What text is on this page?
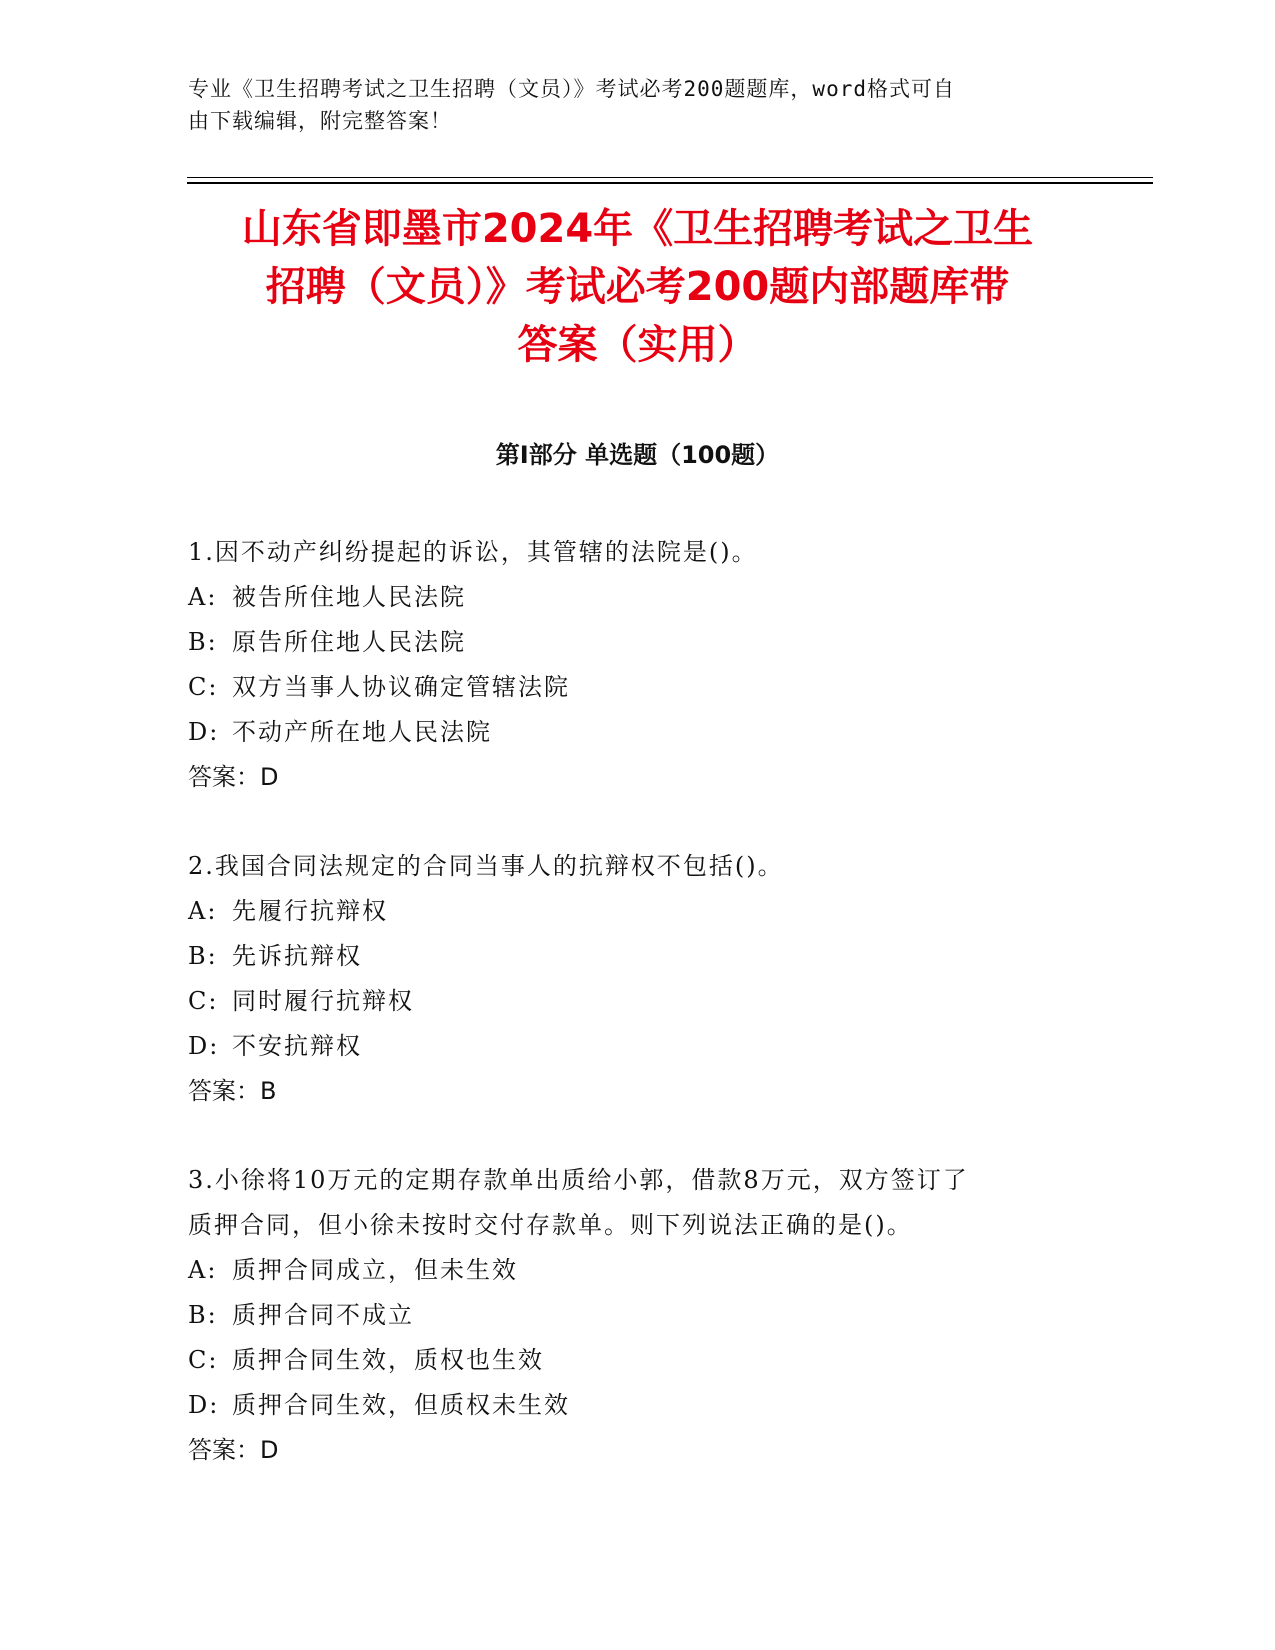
专业《卫生招聘考试之卫生招聘（文员）》考试必考200题题库，word格式可自
由下载编辑，附完整答案！
山东省即墨市2024年《卫生招聘考试之卫生
招聘（文员）》考试必考200题内部题库带
答案（实用）
第Ⅰ部分 单选题（100题）

1.因不动产纠纷提起的诉讼，其管辖的法院是()。

A: 被告所住地人民法院
B: 原告所住地人民法院
C: 双方当事人协议确定管辖法院
D: 不动产所在地人民法院

答案：D

2.我国合同法规定的合同当事人的抗辩权不包括()。

A: 先履行抗辩权
B: 先诉抗辩权
C: 同时履行抗辩权
D: 不安抗辩权

答案：B

3.小徐将10万元的定期存款单出质给小郭，借款8万元，双方签订了

质押合同，但小徐未按时交付存款单。则下列说法正确的是()。

A: 质押合同成立，但未生效
B: 质押合同不成立
C: 质押合同生效，质权也生效
D: 质押合同生效，但质权未生效

答案：D
